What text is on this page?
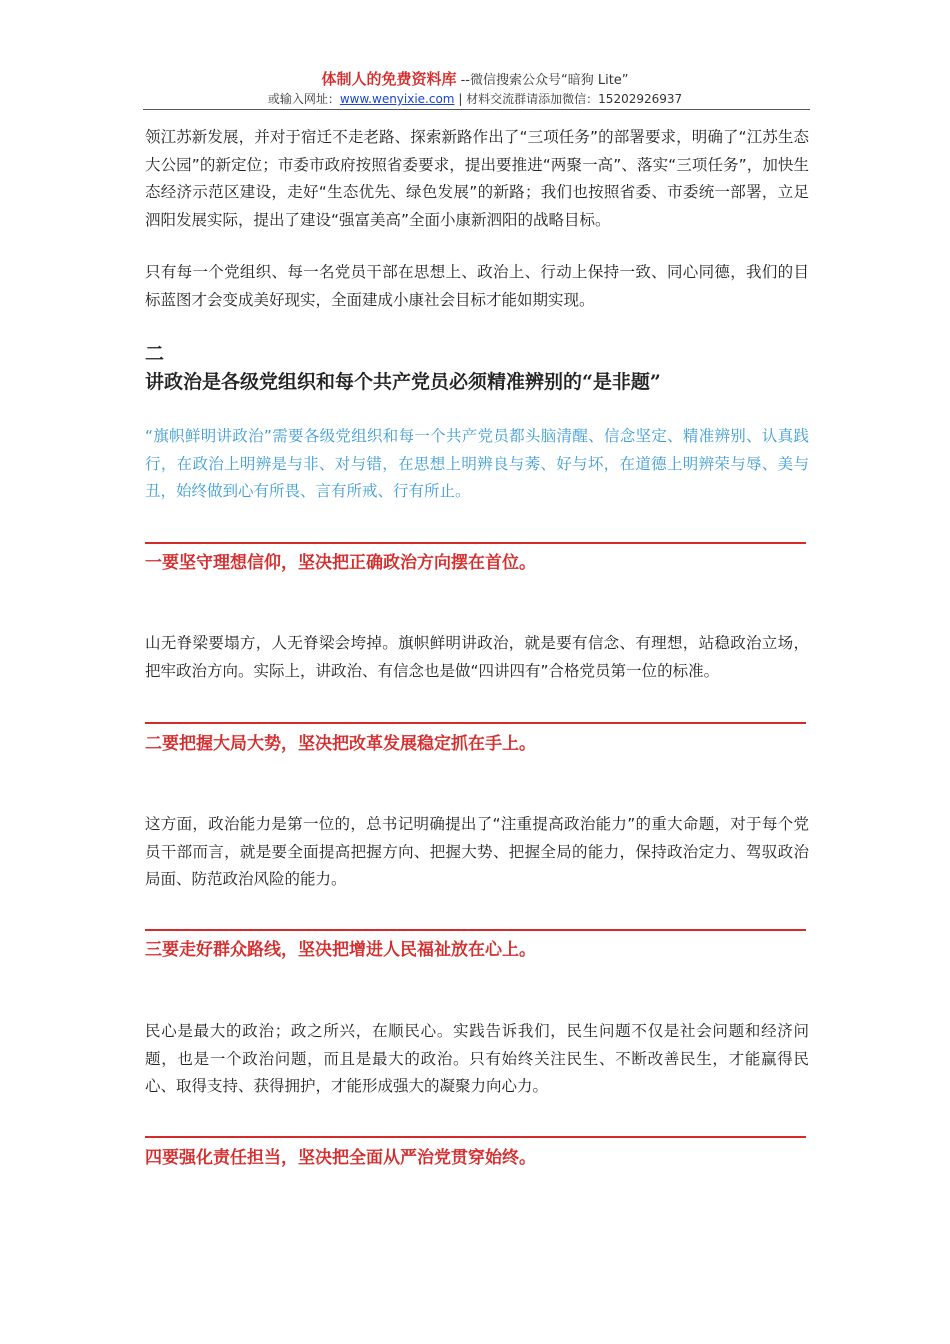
体制人的免费资料库 --微信搜索公众号“暗狗 Lite”
或输入网址：www.wenyixie.com | 材料交流群请添加微信：15202926937

领江苏新发展，并对于宿迁不走老路、探索新路作出了“三项任务”的部署要求，明确了“江苏生态大公园”的新定位；市委市政府按照省委要求，提出要推进“两聚一高”、落实“三项任务”，加快生态经济示范区建设，走好“生态优先、绿色发展”的新路；我们也按照省委、市委统一部署，立足泗阳发展实际，提出了建设“强富美高”全面小康新泗阳的战略目标。

只有每一个党组织、每一名党员干部在思想上、政治上、行动上保持一致、同心同德，我们的目标蓝图才会变成美好现实，全面建成小康社会目标才能如期实现。

二
讲政治是各级党组织和每个共产党员必须精准辨别的“是非题”

“旗帜鲜明讲政治”需要各级党组织和每一个共产党员都头脑清醒、信念坚定、精准辨别、认真践行，在政治上明辨是与非、对与错，在思想上明辨良与莠、好与坏，在道德上明辨荣与辱、美与丑，始终做到心有所畏、言有所戒、行有所止。

一要坚守理想信仰，坚决把正确政治方向摆在首位。

山无脊梁要塌方，人无脊梁会垮掉。旗帜鲜明讲政治，就是要有信念、有理想，站稳政治立场，把牢政治方向。实际上，讲政治、有信念也是做“四讲四有”合格党员第一位的标准。

二要把握大局大势，坚决把改革发展稳定抓在手上。

这方面，政治能力是第一位的，总书记明确提出了“注重提高政治能力”的重大命题，对于每个党员干部而言，就是要全面提高把握方向、把握大势、把握全局的能力，保持政治定力、驾驭政治局面、防范政治风险的能力。

三要走好群众路线，坚决把增进人民福祉放在心上。

民心是最大的政治；政之所兴，在顺民心。实践告诉我们，民生问题不仅是社会问题和经济问题，也是一个政治问题，而且是最大的政治。只有始终关注民生、不断改善民生，才能赢得民心、取得支持、获得拥护，才能形成强大的凝聚力向心力。

四要强化责任担当，坚决把全面从严治党贯穿始终。
